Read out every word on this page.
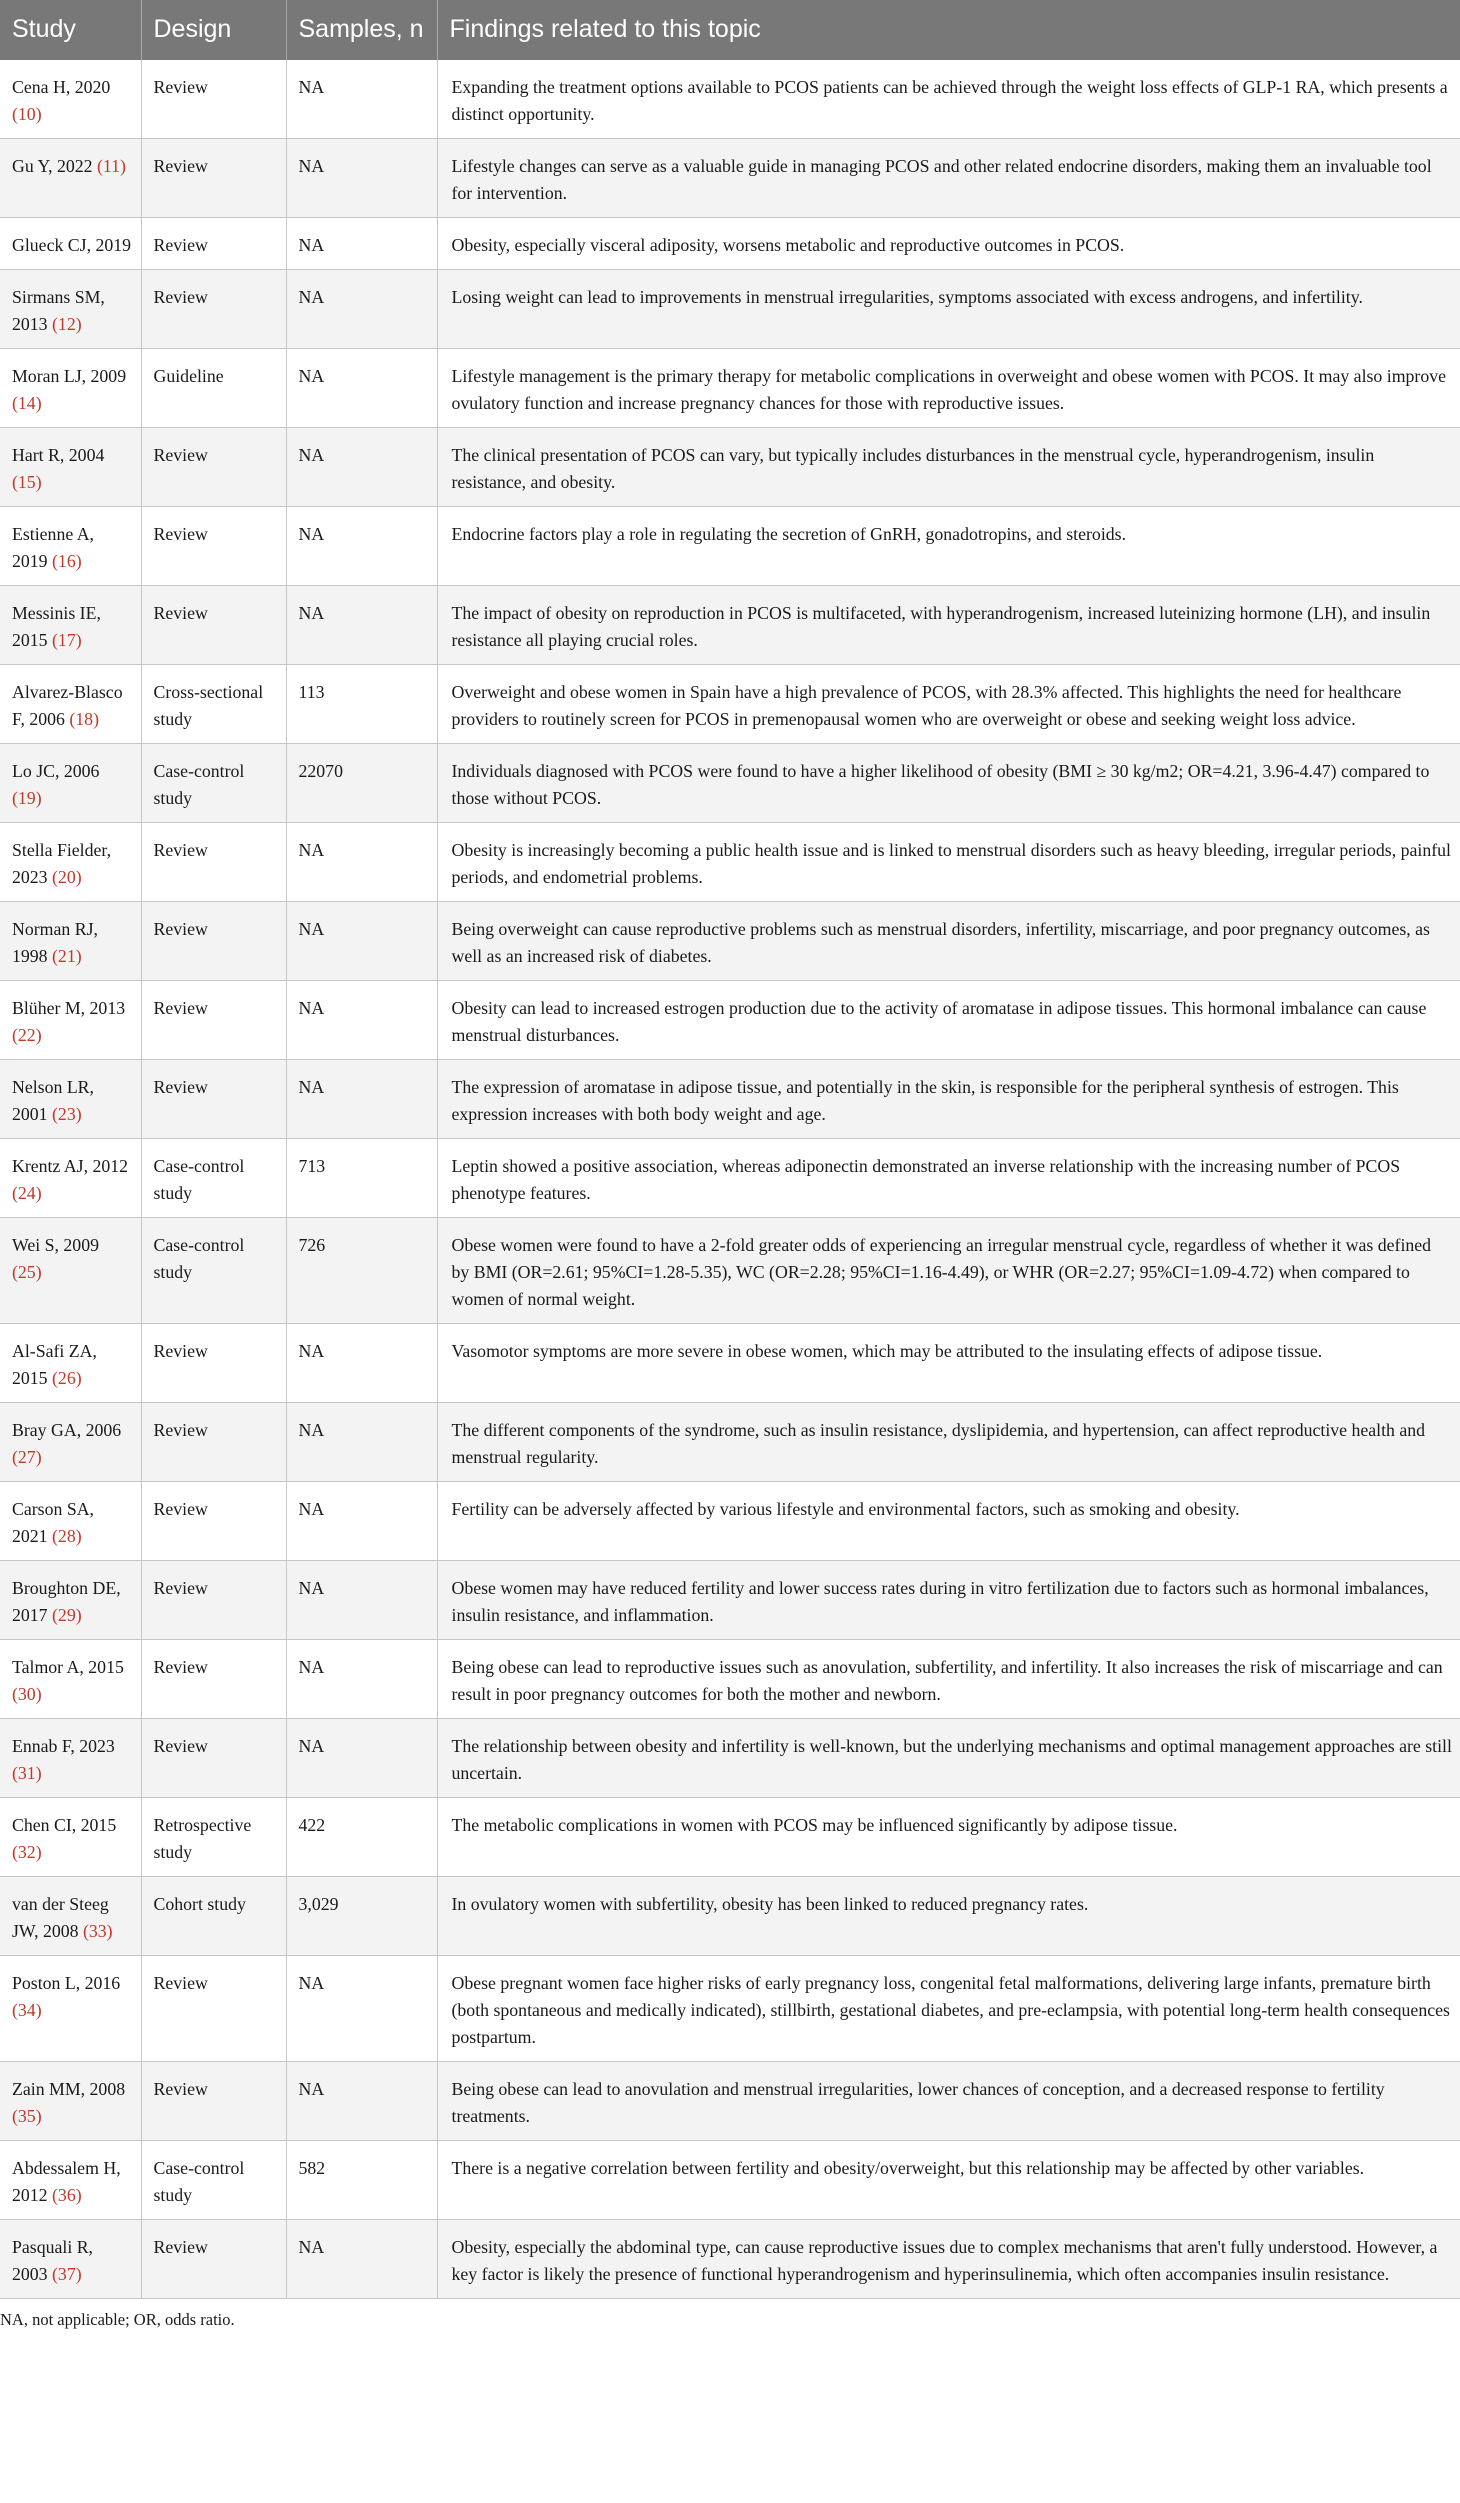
Study	Design	Samples, n	Findings related to this topic
Cena H, 2020 (10)	Review	NA	Expanding the treatment options available to PCOS patients can be achieved through the weight loss effects of GLP-1 RA, which presents a distinct opportunity.
Gu Y, 2022 (11)	Review	NA	Lifestyle changes can serve as a valuable guide in managing PCOS and other related endocrine disorders, making them an invaluable tool for intervention.
Glueck CJ, 2019	Review	NA	Obesity, especially visceral adiposity, worsens metabolic and reproductive outcomes in PCOS.
Sirmans SM, 2013 (12)	Review	NA	Losing weight can lead to improvements in menstrual irregularities, symptoms associated with excess androgens, and infertility.
Moran LJ, 2009 (14)	Guideline	NA	Lifestyle management is the primary therapy for metabolic complications in overweight and obese women with PCOS. It may also improve ovulatory function and increase pregnancy chances for those with reproductive issues.
Hart R, 2004 (15)	Review	NA	The clinical presentation of PCOS can vary, but typically includes disturbances in the menstrual cycle, hyperandrogenism, insulin resistance, and obesity.
Estienne A, 2019 (16)	Review	NA	Endocrine factors play a role in regulating the secretion of GnRH, gonadotropins, and steroids.
Messinis IE, 2015 (17)	Review	NA	The impact of obesity on reproduction in PCOS is multifaceted, with hyperandrogenism, increased luteinizing hormone (LH), and insulin resistance all playing crucial roles.
Alvarez-Blasco F, 2006 (18)	Cross-sectional study	113	Overweight and obese women in Spain have a high prevalence of PCOS, with 28.3% affected. This highlights the need for healthcare providers to routinely screen for PCOS in premenopausal women who are overweight or obese and seeking weight loss advice.
Lo JC, 2006 (19)	Case-control study	22070	Individuals diagnosed with PCOS were found to have a higher likelihood of obesity (BMI ≥ 30 kg/m2; OR=4.21, 3.96-4.47) compared to those without PCOS.
Stella Fielder, 2023 (20)	Review	NA	Obesity is increasingly becoming a public health issue and is linked to menstrual disorders such as heavy bleeding, irregular periods, painful periods, and endometrial problems.
Norman RJ, 1998 (21)	Review	NA	Being overweight can cause reproductive problems such as menstrual disorders, infertility, miscarriage, and poor pregnancy outcomes, as well as an increased risk of diabetes.
Blüher M, 2013 (22)	Review	NA	Obesity can lead to increased estrogen production due to the activity of aromatase in adipose tissues. This hormonal imbalance can cause menstrual disturbances.
Nelson LR, 2001 (23)	Review	NA	The expression of aromatase in adipose tissue, and potentially in the skin, is responsible for the peripheral synthesis of estrogen. This expression increases with both body weight and age.
Krentz AJ, 2012 (24)	Case-control study	713	Leptin showed a positive association, whereas adiponectin demonstrated an inverse relationship with the increasing number of PCOS phenotype features.
Wei S, 2009 (25)	Case-control study	726	Obese women were found to have a 2-fold greater odds of experiencing an irregular menstrual cycle, regardless of whether it was defined by BMI (OR=2.61; 95%CI=1.28-5.35), WC (OR=2.28; 95%CI=1.16-4.49), or WHR (OR=2.27; 95%CI=1.09-4.72) when compared to women of normal weight.
Al-Safi ZA, 2015 (26)	Review	NA	Vasomotor symptoms are more severe in obese women, which may be attributed to the insulating effects of adipose tissue.
Bray GA, 2006 (27)	Review	NA	The different components of the syndrome, such as insulin resistance, dyslipidemia, and hypertension, can affect reproductive health and menstrual regularity.
Carson SA, 2021 (28)	Review	NA	Fertility can be adversely affected by various lifestyle and environmental factors, such as smoking and obesity.
Broughton DE, 2017 (29)	Review	NA	Obese women may have reduced fertility and lower success rates during in vitro fertilization due to factors such as hormonal imbalances, insulin resistance, and inflammation.
Talmor A, 2015 (30)	Review	NA	Being obese can lead to reproductive issues such as anovulation, subfertility, and infertility. It also increases the risk of miscarriage and can result in poor pregnancy outcomes for both the mother and newborn.
Ennab F, 2023 (31)	Review	NA	The relationship between obesity and infertility is well-known, but the underlying mechanisms and optimal management approaches are still uncertain.
Chen CI, 2015 (32)	Retrospective study	422	The metabolic complications in women with PCOS may be influenced significantly by adipose tissue.
van der Steeg JW, 2008 (33)	Cohort study	3,029	In ovulatory women with subfertility, obesity has been linked to reduced pregnancy rates.
Poston L, 2016 (34)	Review	NA	Obese pregnant women face higher risks of early pregnancy loss, congenital fetal malformations, delivering large infants, premature birth (both spontaneous and medically indicated), stillbirth, gestational diabetes, and pre-eclampsia, with potential long-term health consequences postpartum.
Zain MM, 2008 (35)	Review	NA	Being obese can lead to anovulation and menstrual irregularities, lower chances of conception, and a decreased response to fertility treatments.
Abdessalem H, 2012 (36)	Case-control study	582	There is a negative correlation between fertility and obesity/overweight, but this relationship may be affected by other variables.
Pasquali R, 2003 (37)	Review	NA	Obesity, especially the abdominal type, can cause reproductive issues due to complex mechanisms that aren't fully understood. However, a key factor is likely the presence of functional hyperandrogenism and hyperinsulinemia, which often accompanies insulin resistance.
NA, not applicable; OR, odds ratio.
